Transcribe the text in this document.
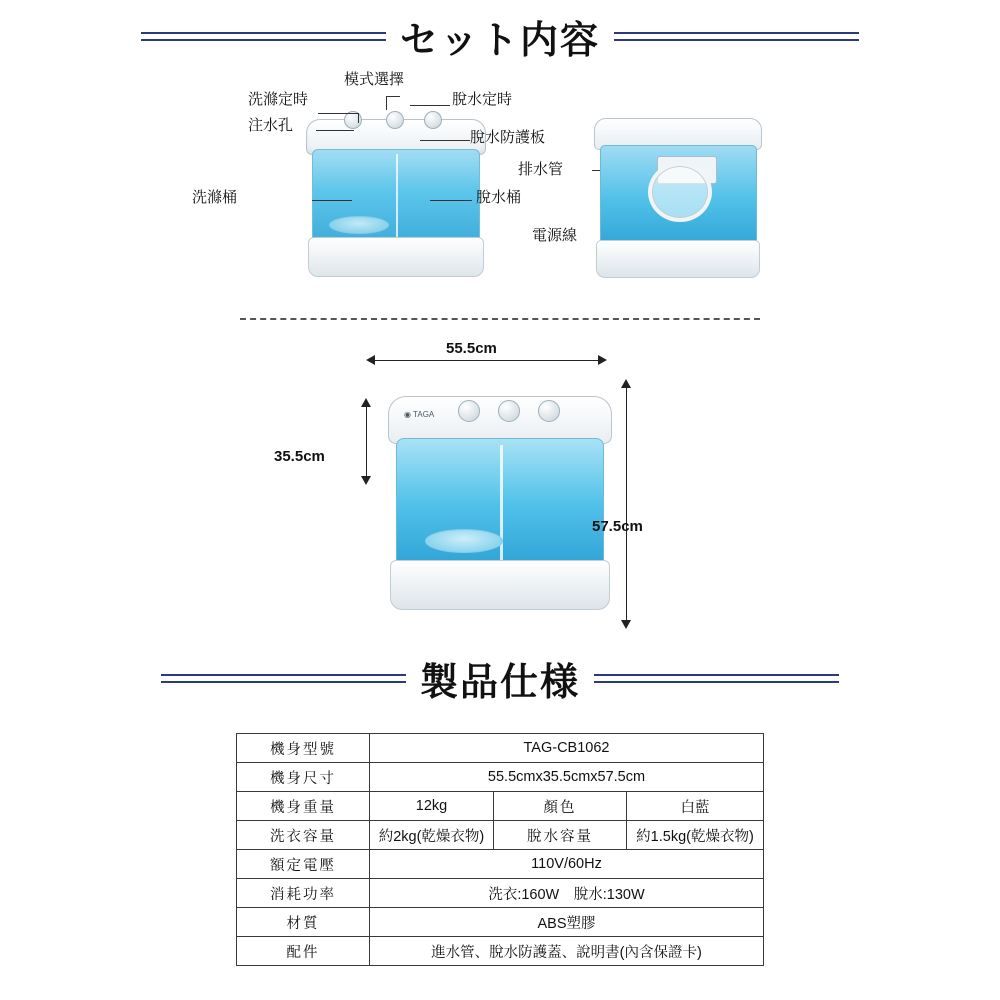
セット内容
洗滌定時
模式選擇
脫水定時
注水孔
脫水防護板
排水管
洗滌桶	脫水桶
電源線
◉ TAGA
55.5cm
35.5cm
57.5cm
製品仕様
機身型號	TAG-CB1062		
機身尺寸	55.5cmx35.5cmx57.5cm		
機身重量	12kg	顏色	白藍
洗衣容量	約2kg(乾燥衣物)	脫水容量	約1.5kg(乾燥衣物)
額定電壓	110V/60Hz		
消耗功率	洗衣:160W　脫水:130W		
材質	ABS塑膠		
配件	進水管、脫水防護蓋、說明書(內含保證卡)		
